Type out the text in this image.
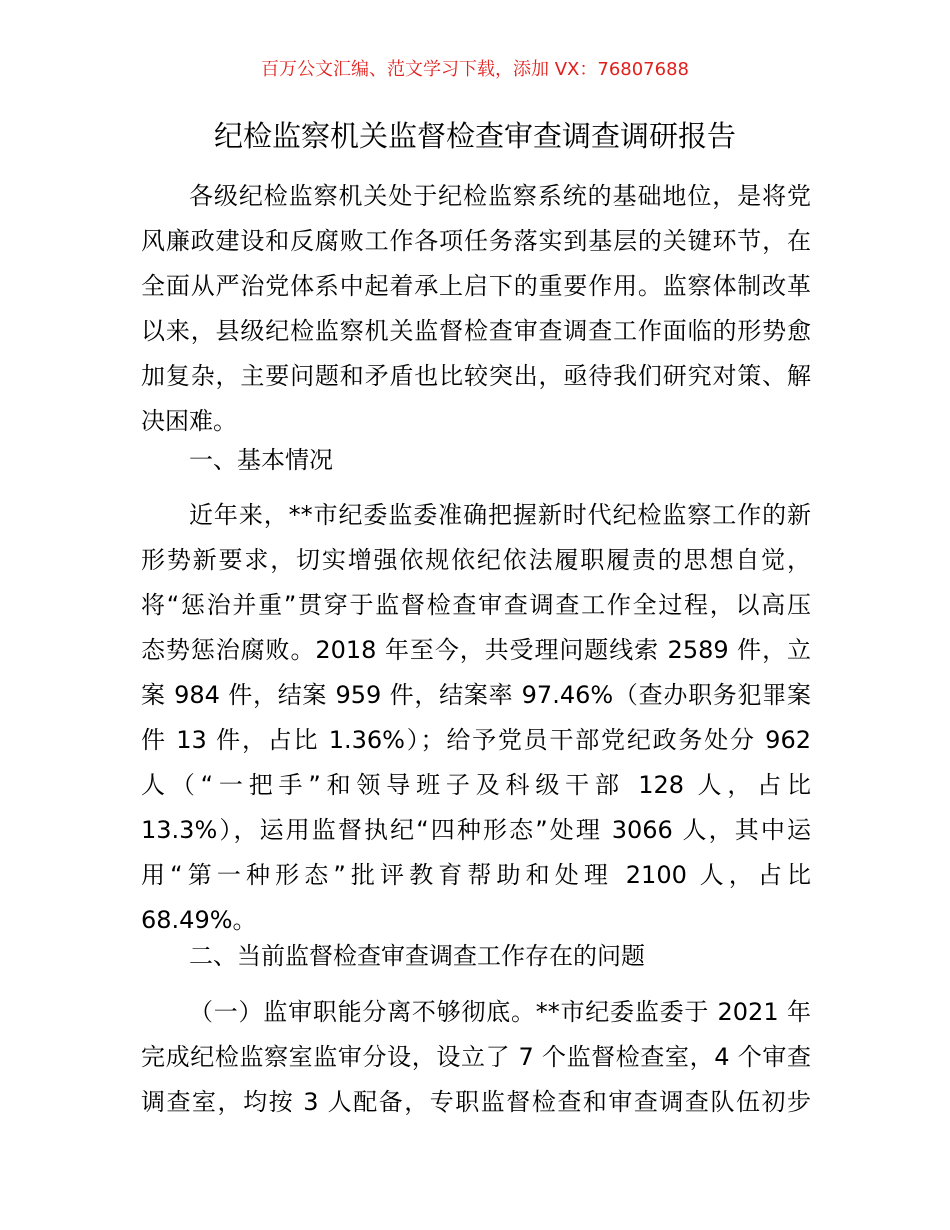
百万公文汇编、范文学习下载，添加 VX：76807688
纪检监察机关监督检查审查调查调研报告
各级纪检监察机关处于纪检监察系统的基础地位，是将党
风廉政建设和反腐败工作各项任务落实到基层的关键环节，在
全面从严治党体系中起着承上启下的重要作用。监察体制改革
以来，县级纪检监察机关监督检查审查调查工作面临的形势愈
加复杂，主要问题和矛盾也比较突出，亟待我们研究对策、解
决困难。
一、基本情况
近年来，**市纪委监委准确把握新时代纪检监察工作的新
形势新要求，切实增强依规依纪依法履职履责的思想自觉，
将“惩治并重”贯穿于监督检查审查调查工作全过程，以高压
态势惩治腐败。2018 年至今，共受理问题线索 2589 件，立
案 984 件，结案 959 件，结案率 97.46%（查办职务犯罪案
件 13 件，占比 1.36%）；给予党员干部党纪政务处分 962
人（“一把手”和领导班子及科级干部 128 人，占比
13.3%），运用监督执纪“四种形态”处理 3066 人，其中运
用“第一种形态”批评教育帮助和处理 2100 人，占比
68.49%。
二、当前监督检查审查调查工作存在的问题
（一）监审职能分离不够彻底。**市纪委监委于 2021 年
完成纪检监察室监审分设，设立了 7 个监督检查室，4 个审查
调查室，均按 3 人配备，专职监督检查和审查调查队伍初步
